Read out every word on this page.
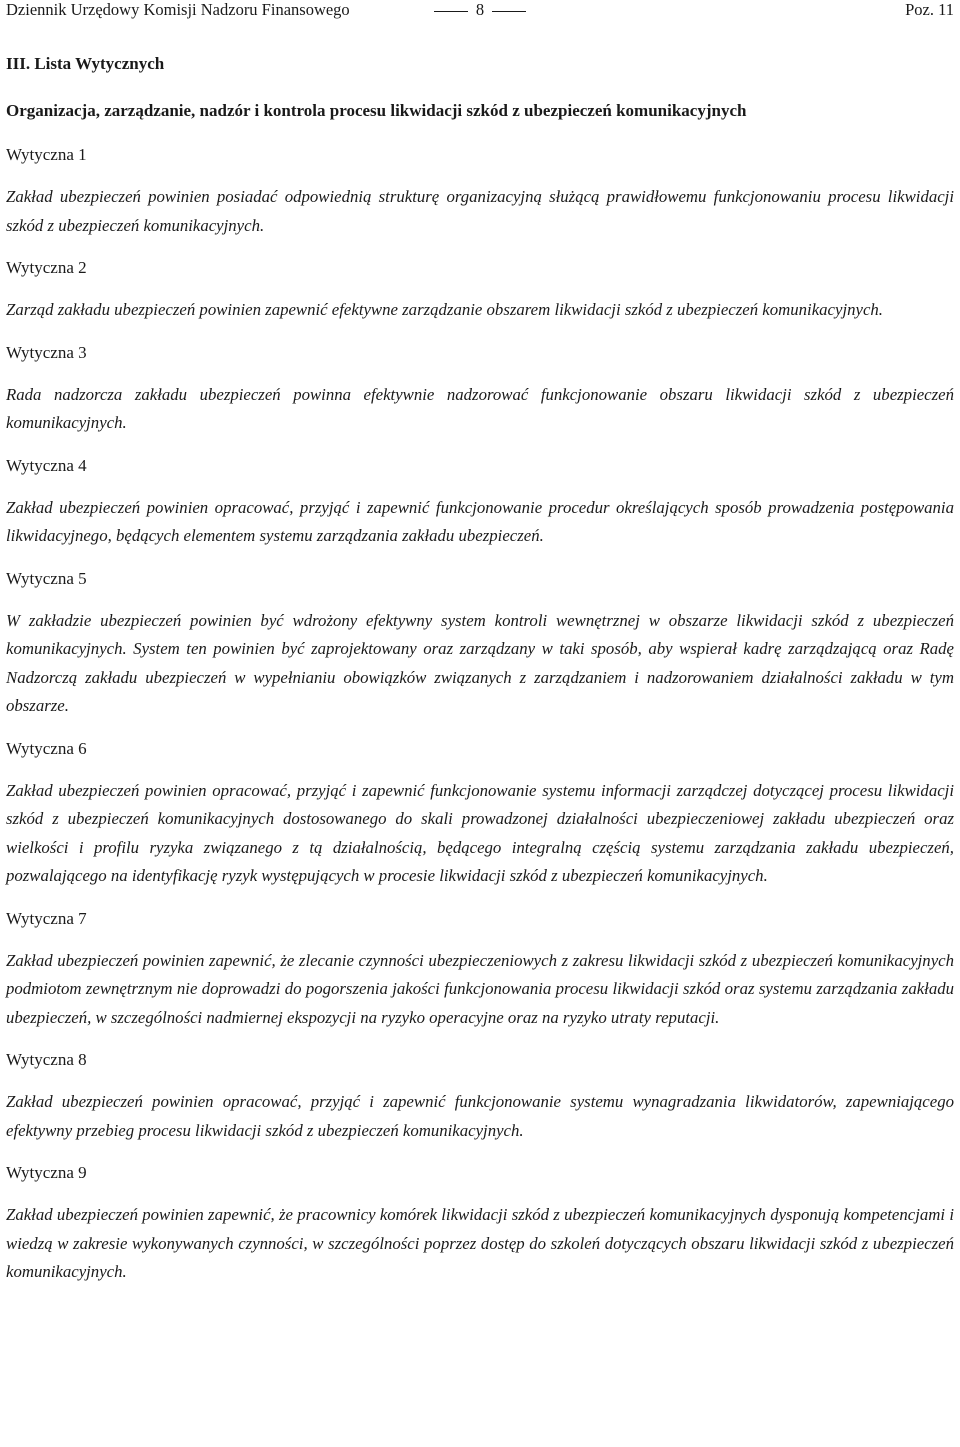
Dziennik Urzędowy Komisji Nadzoru Finansowego	8	Poz. 11
III. Lista Wytycznych
Organizacja, zarządzanie, nadzór i kontrola procesu likwidacji szkód z ubezpieczeń komunikacyjnych
Wytyczna 1

Zakład ubezpieczeń powinien posiadać odpowiednią strukturę organizacyjną służącą prawidłowemu funkcjonowaniu procesu likwidacji szkód z ubezpieczeń komunikacyjnych.

Wytyczna 2

Zarząd zakładu ubezpieczeń powinien zapewnić efektywne zarządzanie obszarem likwidacji szkód z ubezpieczeń komunikacyjnych.

Wytyczna 3

Rada nadzorcza zakładu ubezpieczeń powinna efektywnie nadzorować funkcjonowanie obszaru likwidacji szkód z ubezpieczeń komunikacyjnych.

Wytyczna 4

Zakład ubezpieczeń powinien opracować, przyjąć i zapewnić funkcjonowanie procedur określających sposób prowadzenia postępowania likwidacyjnego, będących elementem systemu zarządzania zakładu ubezpieczeń.

Wytyczna 5

W zakładzie ubezpieczeń powinien być wdrożony efektywny system kontroli wewnętrznej w obszarze likwidacji szkód z ubezpieczeń komunikacyjnych. System ten powinien być zaprojektowany oraz zarządzany w taki sposób, aby wspierał kadrę zarządzającą oraz Radę Nadzorczą zakładu ubezpieczeń w wypełnianiu obowiązków związanych z zarządzaniem i nadzorowaniem działalności zakładu w tym obszarze.

Wytyczna 6

Zakład ubezpieczeń powinien opracować, przyjąć i zapewnić funkcjonowanie systemu informacji zarządczej dotyczącej procesu likwidacji szkód z ubezpieczeń komunikacyjnych dostosowanego do skali prowadzonej działalności ubezpieczeniowej zakładu ubezpieczeń oraz wielkości i profilu ryzyka związanego z tą działalnością, będącego integralną częścią systemu zarządzania zakładu ubezpieczeń, pozwalającego na identyfikację ryzyk występujących w procesie likwidacji szkód z ubezpieczeń komunikacyjnych.

Wytyczna 7

Zakład ubezpieczeń powinien zapewnić, że zlecanie czynności ubezpieczeniowych z zakresu likwidacji szkód z ubezpieczeń komunikacyjnych podmiotom zewnętrznym nie doprowadzi do pogorszenia jakości funkcjonowania procesu likwidacji szkód oraz systemu zarządzania zakładu ubezpieczeń, w szczególności nadmiernej ekspozycji na ryzyko operacyjne oraz na ryzyko utraty reputacji.

Wytyczna 8

Zakład ubezpieczeń powinien opracować, przyjąć i zapewnić funkcjonowanie systemu wynagradzania likwidatorów, zapewniającego efektywny przebieg procesu likwidacji szkód z ubezpieczeń komunikacyjnych.

Wytyczna 9

Zakład ubezpieczeń powinien zapewnić, że pracownicy komórek likwidacji szkód z ubezpieczeń komunikacyjnych dysponują kompetencjami i wiedzą w zakresie wykonywanych czynności, w szczególności poprzez dostęp do szkoleń dotyczących obszaru likwidacji szkód z ubezpieczeń komunikacyjnych.
